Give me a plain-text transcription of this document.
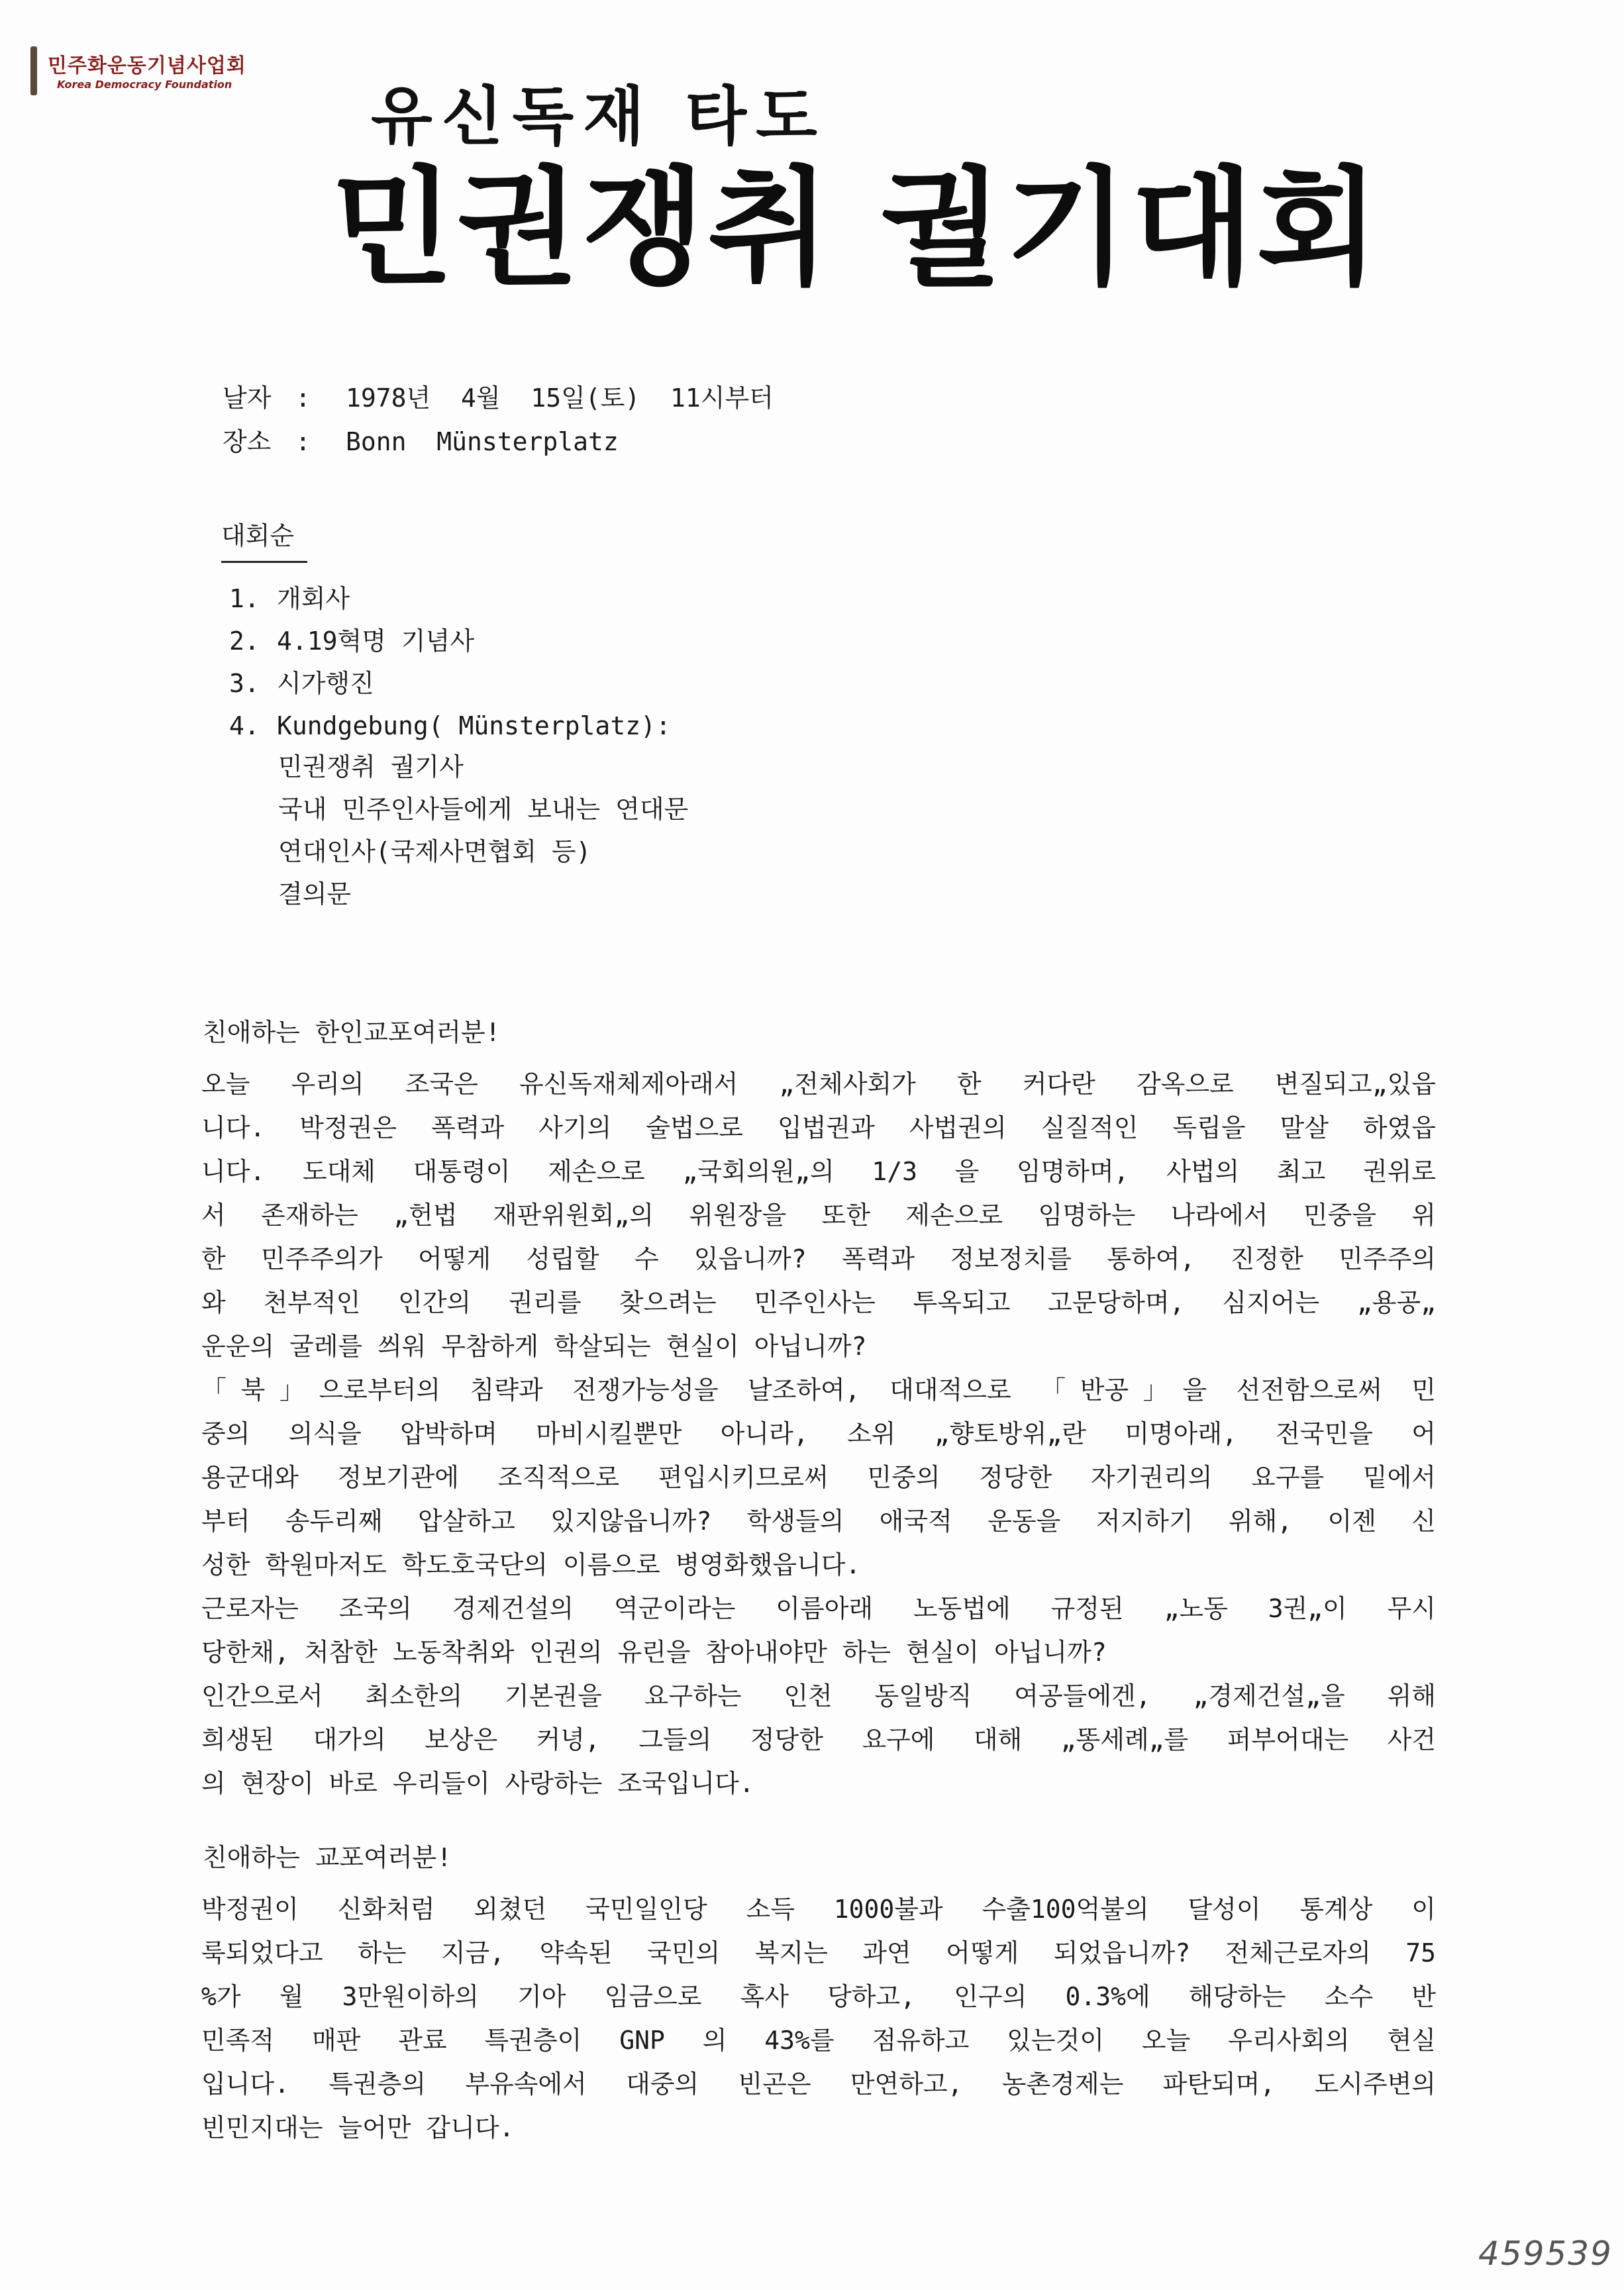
민주화운동기념사업회
Korea Democracy Foundation 유신독재 타도
민권쟁취 궐기대회
날자 : 1978년  4월  15일(토)  11시부터
장소 : Bonn  Münsterplatz
대회순
1. 개회사
2. 4.19혁명 기념사
3. 시가행진
4. Kundgebung( Münsterplatz):
민권쟁취 궐기사
국내 민주인사들에게 보내는 연대문
연대인사(국제사면협회 등)
결의문
친애하는 한인교포여러분!
오늘 우리의 조국은 유신독재체제아래서 „전체사회가 한 커다란 감옥으로 변질되고„있읍
니다. 박정권은 폭력과 사기의 술법으로 입법권과 사법권의 실질적인 독립을 말살 하였읍
니다. 도대체 대통령이 제손으로 „국회의원„의 1/3 을 임명하며, 사법의 최고 권위로
서 존재하는 „헌법 재판위원회„의 위원장을 또한 제손으로 임명하는 나라에서 민중을 위
한 민주주의가 어떻게 성립할 수 있읍니까? 폭력과 정보정치를 통하여, 진정한 민주주의
와 천부적인 인간의 권리를 찾으려는 민주인사는 투옥되고 고문당하며, 심지어는 „용공„
운운의 굴레를 씌워 무참하게 학살되는 현실이 아닙니까?
「북」으로부터의 침략과 전쟁가능성을 날조하여, 대대적으로 「반공」을 선전함으로써 민
중의 의식을 압박하며 마비시킬뿐만 아니라, 소위 „향토방위„란 미명아래, 전국민을 어
용군대와 정보기관에 조직적으로 편입시키므로써 민중의 정당한 자기권리의 요구를 밑에서
부터 송두리째 압살하고 있지않읍니까? 학생들의 애국적 운동을 저지하기 위해, 이젠 신
성한 학원마저도 학도호국단의 이름으로 병영화했읍니다.
근로자는 조국의 경제건설의 역군이라는 이름아래 노동법에 규정된 „노동 3권„이 무시
당한채, 처참한 노동착취와 인권의 유린을 참아내야만 하는 현실이 아닙니까?
인간으로서 최소한의 기본권을 요구하는 인천 동일방직 여공들에겐, „경제건설„을 위해
희생된 대가의 보상은 커녕, 그들의 정당한 요구에 대해 „똥세례„를 퍼부어대는 사건
의 현장이 바로 우리들이 사랑하는 조국입니다.
친애하는 교포여러분!
박정권이 신화처럼 외쳤던 국민일인당 소득 1000불과 수출100억불의 달성이 통계상 이
룩되었다고 하는 지금, 약속된 국민의 복지는 과연 어떻게 되었읍니까? 전체근로자의 75
%가 월 3만원이하의 기아 임금으로 혹사 당하고, 인구의 0.3%에 해당하는 소수 반
민족적 매판 관료 특권층이 GNP 의 43%를 점유하고 있는것이 오늘 우리사회의 현실
입니다. 특권층의 부유속에서 대중의 빈곤은 만연하고, 농촌경제는 파탄되며, 도시주변의
빈민지대는 늘어만 갑니다.
459539
